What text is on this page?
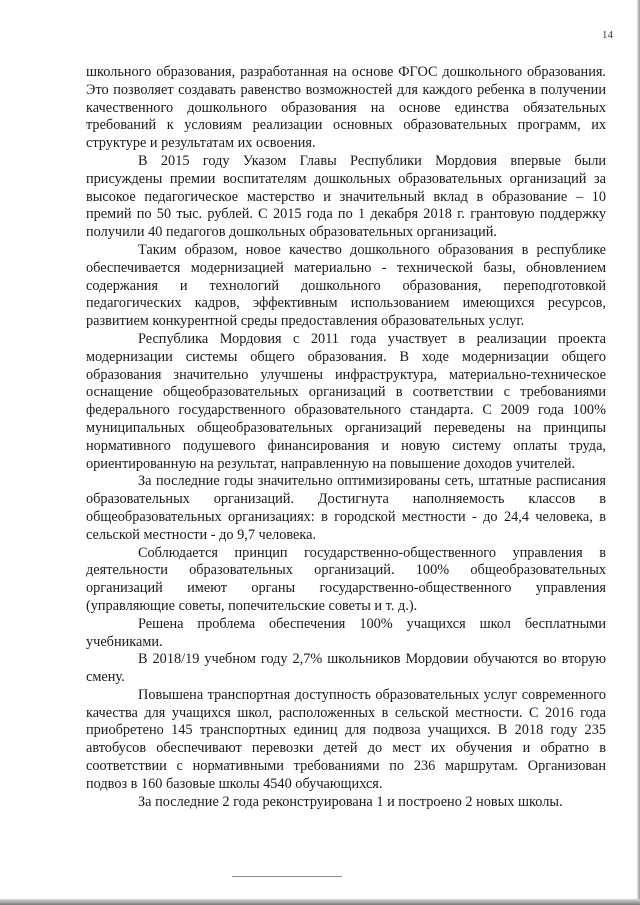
14

школьного образования, разработанная на основе ФГОС дошкольного образования. Это позволяет создавать равенство возможностей для каждого ребенка в получении качественного дошкольного образования на основе единства обязательных требований к условиям реализации основных образовательных программ, их структуре и результатам их освоения.

В 2015 году Указом Главы Республики Мордовия впервые были присуждены премии воспитателям дошкольных образовательных организаций за высокое педагогическое мастерство и значительный вклад в образование – 10 премий по 50 тыс. рублей. С 2015 года по 1 декабря 2018 г. грантовую поддержку получили 40 педагогов дошкольных образовательных организаций.

Таким образом, новое качество дошкольного образования в республике обеспечивается модернизацией материально - технической базы, обновлением содержания и технологий дошкольного образования, переподготовкой педагогических кадров, эффективным использованием имеющихся ресурсов, развитием конкурентной среды предоставления образовательных услуг.

Республика Мордовия с 2011 года участвует в реализации проекта модернизации системы общего образования. В ходе модернизации общего образования значительно улучшены инфраструктура, материально-техническое оснащение общеобразовательных организаций в соответствии с требованиями федерального государственного образовательного стандарта. С 2009 года 100% муниципальных общеобразовательных организаций переведены на принципы нормативного подушевого финансирования и новую систему оплаты труда, ориентированную на результат, направленную на повышение доходов учителей.

За последние годы значительно оптимизированы сеть, штатные расписания образовательных организаций. Достигнута наполняемость классов в общеобразовательных организациях: в городской местности - до 24,4 человека, в сельской местности - до 9,7 человека.

Соблюдается принцип государственно-общественного управления в деятельности образовательных организаций. 100% общеобразовательных организаций имеют органы государственно-общественного управления (управляющие советы, попечительские советы и т. д.).

Решена проблема обеспечения 100% учащихся школ бесплатными учебниками.

В 2018/19 учебном году 2,7% школьников Мордовии обучаются во вторую смену.

Повышена транспортная доступность образовательных услуг современного качества для учащихся школ, расположенных в сельской местности. С 2016 года приобретено 145 транспортных единиц для подвоза учащихся. В 2018 году 235 автобусов обеспечивают перевозки детей до мест их обучения и обратно в соответствии с нормативными требованиями по 236 маршрутам. Организован подвоз в 160 базовые школы 4540 обучающихся.

За последние 2 года реконструирована 1 и построено 2 новых школы.
